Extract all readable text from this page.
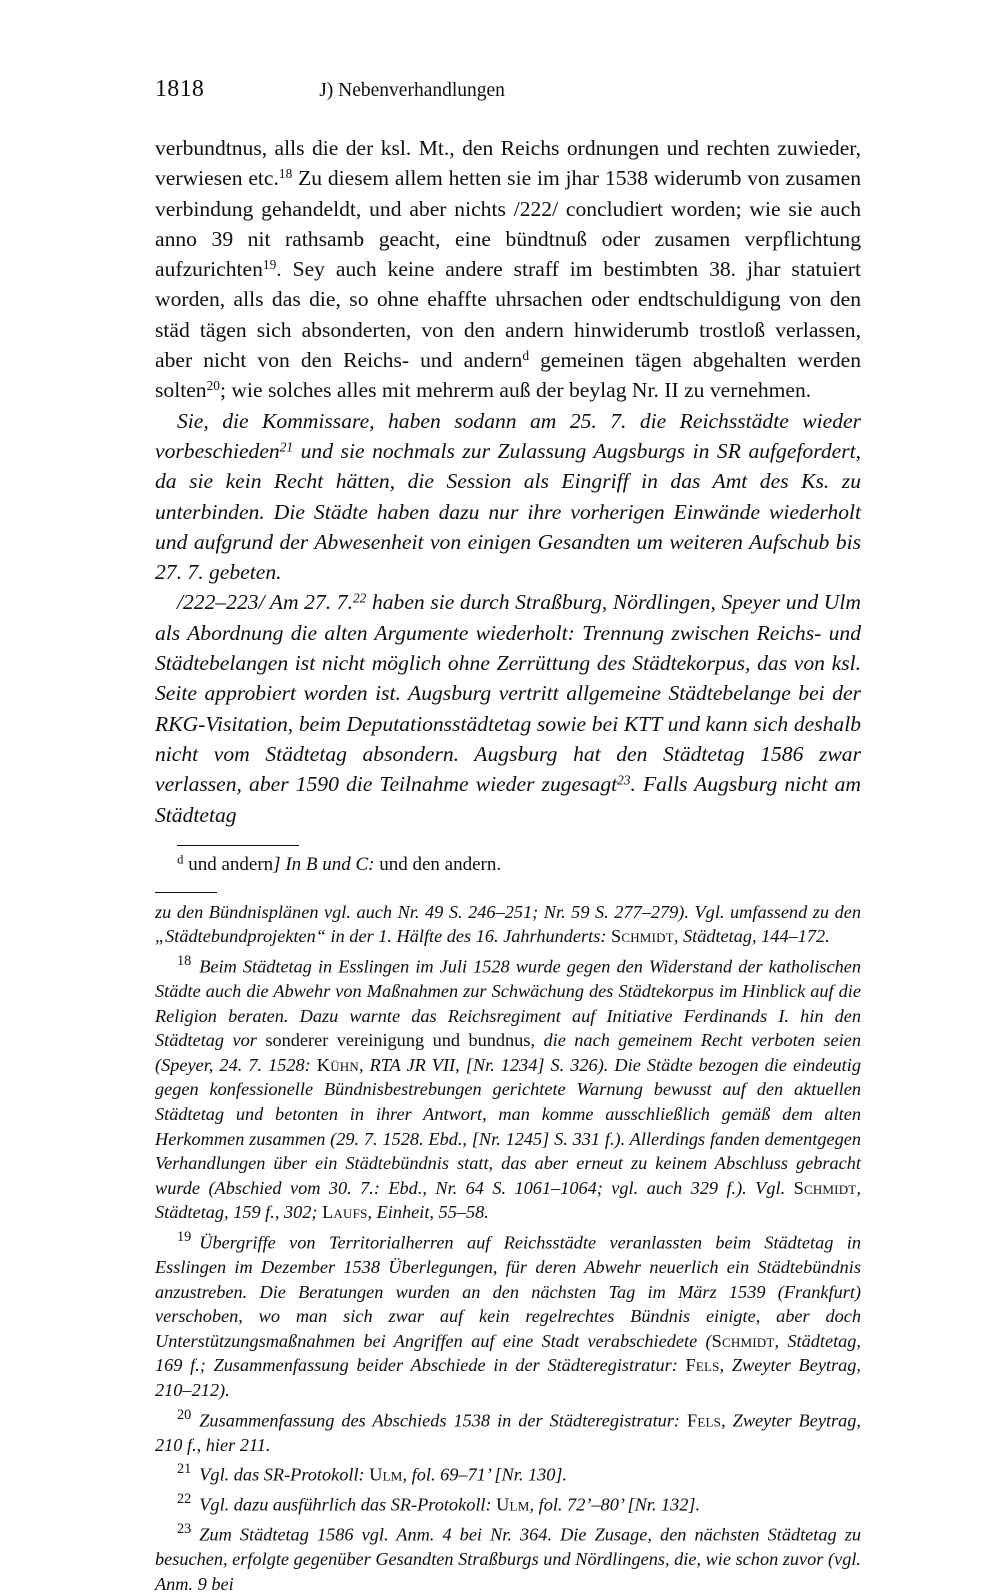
1818	J) Nebenverhandlungen

verbundtnus, alls die der ksl. Mt., den Reichs ordnungen und rechten zuwieder, verwiesen etc.$^{18}$ Zu diesem allem hetten sie im jhar 1538 widerumb von zusamen verbindung gehandeldt, und aber nichts /222/ concludiert worden; wie sie auch anno 39 nit rathsamb geacht, eine bündtnuß oder zusamen verpflichtung aufzurichten$^{19}$. Sey auch keine andere straff im bestimbten 38. jhar statuiert worden, alls das die, so ohne ehaffte uhrsachen oder endtschuldigung von den städ tägen sich absonderten, von den andern hinwiderumb trostloß verlassen, aber nicht von den Reichs- und andern$^d$ gemeinen tägen abgehalten werden solten$^{20}$; wie solches alles mit mehrerm auß der beylag Nr. II zu vernehmen.

Sie, die Kommissare, haben sodann am 25. 7. die Reichsstädte wieder vorbeschieden$^{21}$ und sie nochmals zur Zulassung Augsburgs in SR aufgefordert, da sie kein Recht hätten, die Session als Eingriff in das Amt des Ks. zu unterbinden. Die Städte haben dazu nur ihre vorherigen Einwände wiederholt und aufgrund der Abwesenheit von einigen Gesandten um weiteren Aufschub bis 27. 7. gebeten.

/222–223/ Am 27. 7.22 haben sie durch Straßburg, Nördlingen, Speyer und Ulm als Abordnung die alten Argumente wiederholt: Trennung zwischen Reichs- und Städtebelangen ist nicht möglich ohne Zerrüttung des Städtekorpus, das von ksl. Seite approbiert worden ist. Augsburg vertritt allgemeine Städtebelange bei der RKG-Visitation, beim Deputationsstädtetag sowie bei KTT und kann sich deshalb nicht vom Städtetag absondern. Augsburg hat den Städtetag 1586 zwar verlassen, aber 1590 die Teilnahme wieder zugesagt$^{23}$. Falls Augsburg nicht am Städtetag

$^d$ und andern] In B und C: und den andern.

zu den Bündnisplänen vgl. auch Nr. 49 S. 246–251; Nr. 59 S. 277–279). Vgl. umfassend zu den „Städtebundprojekten“ in der 1. Hälfte des 16. Jahrhunderts: Schmidt, Städtetag, 144–172.

$^{18}$ Beim Städtetag in Esslingen im Juli 1528 wurde gegen den Widerstand der katholischen Städte auch die Abwehr von Maßnahmen zur Schwächung des Städtekorpus im Hinblick auf die Religion beraten. Dazu warnte das Reichsregiment auf Initiative Ferdinands I. hin den Städtetag vor sonderer vereinigung und bundnus, die nach gemeinem Recht verboten seien (Speyer, 24. 7. 1528: Kühn, RTA JR VII, [Nr. 1234] S. 326). Die Städte bezogen die eindeutig gegen konfessionelle Bündnisbestrebungen gerichtete Warnung bewusst auf den aktuellen Städtetag und betonten in ihrer Antwort, man komme ausschließlich gemäß dem alten Herkommen zusammen (29. 7. 1528. Ebd., [Nr. 1245] S. 331 f.). Allerdings fanden dementgegen Verhandlungen über ein Städtebündnis statt, das aber erneut zu keinem Abschluss gebracht wurde (Abschied vom 30. 7.: Ebd., Nr. 64 S. 1061–1064; vgl. auch 329 f.). Vgl. Schmidt, Städtetag, 159 f., 302; Laufs, Einheit, 55–58.

$^{19}$ Übergriffe von Territorialherren auf Reichsstädte veranlassten beim Städtetag in Esslingen im Dezember 1538 Überlegungen, für deren Abwehr neuerlich ein Städtebündnis anzustreben. Die Beratungen wurden an den nächsten Tag im März 1539 (Frankfurt) verschoben, wo man sich zwar auf kein regelrechtes Bündnis einigte, aber doch Unterstützungsmaßnahmen bei Angriffen auf eine Stadt verabschiedete (Schmidt, Städtetag, 169 f.; Zusammenfassung beider Abschiede in der Städteregistratur: Fels, Zweyter Beytrag, 210–212).

$^{20}$ Zusammenfassung des Abschieds 1538 in der Städteregistratur: Fels, Zweyter Beytrag, 210 f., hier 211.

$^{21}$ Vgl. das SR-Protokoll: Ulm, fol. 69–71’ [Nr. 130].

$^{22}$ Vgl. dazu ausführlich das SR-Protokoll: Ulm, fol. 72’–80’ [Nr. 132].

$^{23}$ Zum Städtetag 1586 vgl. Anm. 4 bei Nr. 364. Die Zusage, den nächsten Städtetag zu besuchen, erfolgte gegenüber Gesandten Straßburgs und Nördlingens, die, wie schon zuvor (vgl. Anm. 9 bei
